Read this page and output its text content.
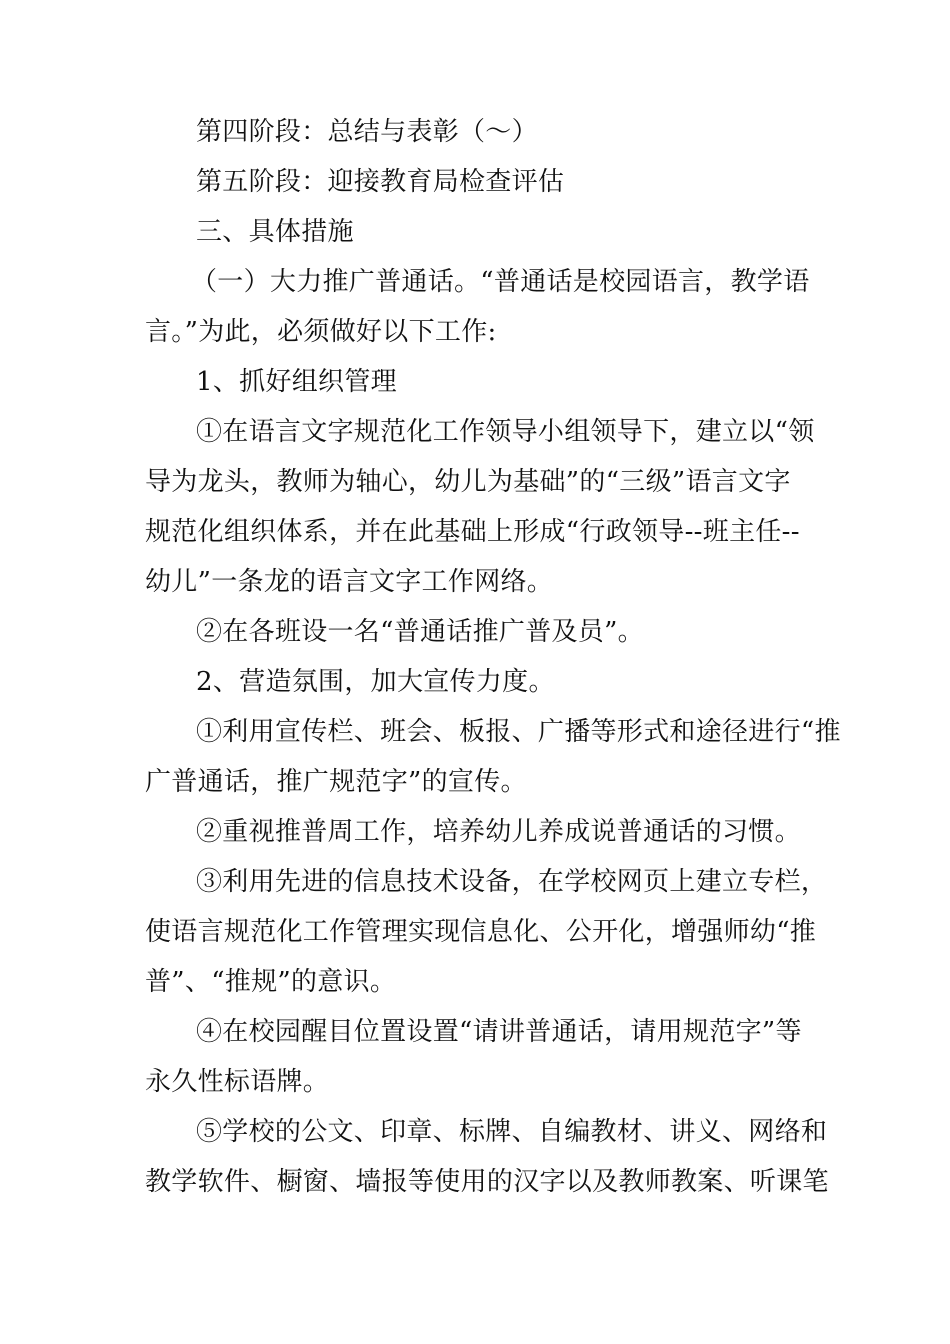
第四阶段：总结与表彰（～）
第五阶段：迎接教育局检查评估
三、具体措施
（一）大力推广普通话。“普通话是校园语言，教学语
言。”为此，必须做好以下工作:
1、抓好组织管理
①在语言文字规范化工作领导小组领导下，建立以“领
导为龙头，教师为轴心，幼儿为基础”的“三级”语言文字
规范化组织体系，并在此基础上形成“行政领导--班主任--
幼儿”一条龙的语言文字工作网络。
②在各班设一名“普通话推广普及员”。
2、营造氛围，加大宣传力度。
①利用宣传栏、班会、板报、广播等形式和途径进行“推
广普通话，推广规范字”的宣传。
②重视推普周工作，培养幼儿养成说普通话的习惯。
③利用先进的信息技术设备，在学校网页上建立专栏，
使语言规范化工作管理实现信息化、公开化，增强师幼“推
普”、“推规”的意识。
④在校园醒目位置设置“请讲普通话，请用规范字”等
永久性标语牌。
⑤学校的公文、印章、标牌、自编教材、讲义、网络和
教学软件、橱窗、墙报等使用的汉字以及教师教案、听课笔
